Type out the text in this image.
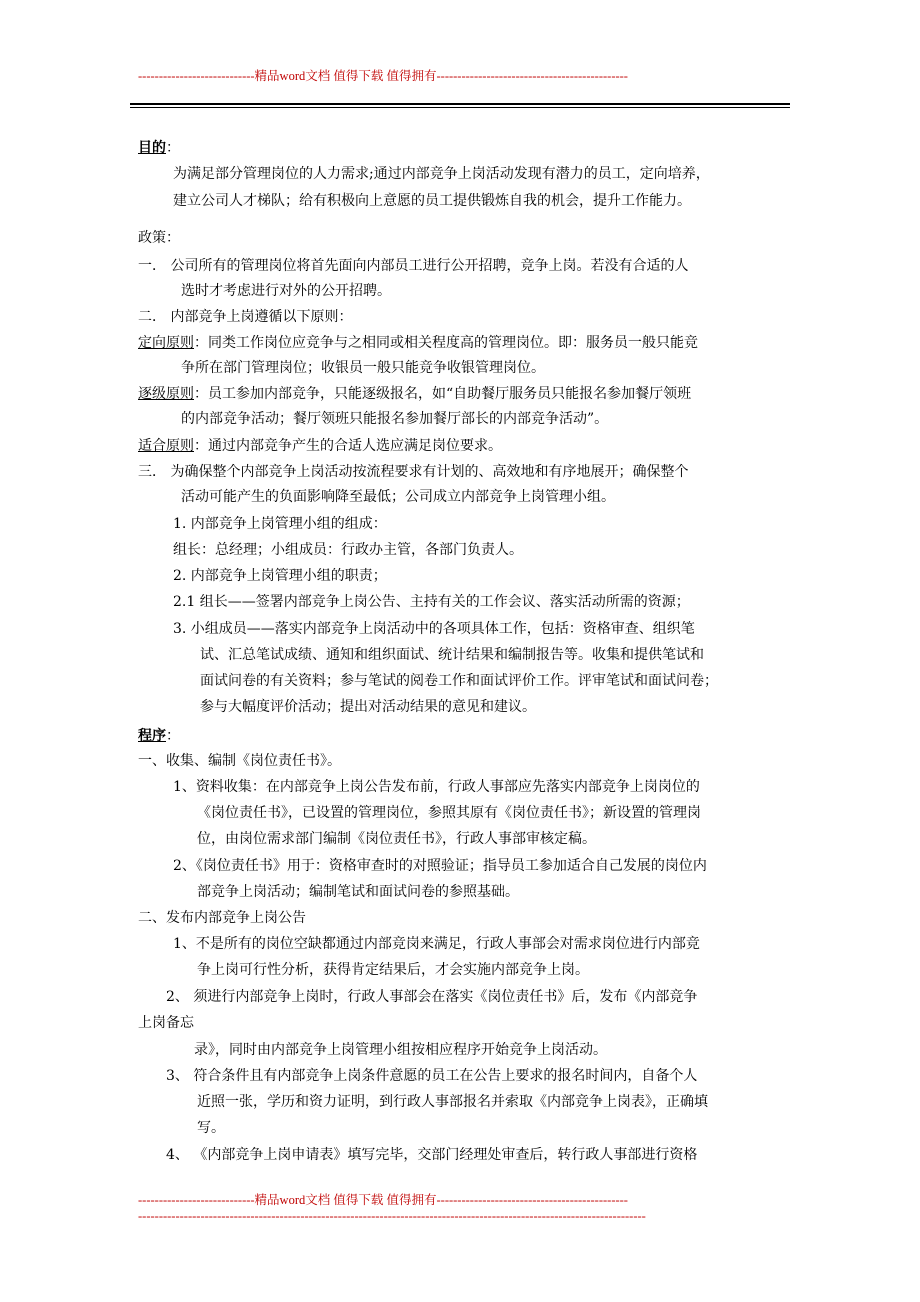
----------------------------精品word文档 值得下载 值得拥有----------------------------------------------
目的：
为满足部分管理岗位的人力需求;通过内部竞争上岗活动发现有潜力的员工，定向培养，
建立公司人才梯队；给有积极向上意愿的员工提供锻炼自我的机会，提升工作能力。
政策：
一． 公司所有的管理岗位将首先面向内部员工进行公开招聘，竞争上岗。若没有合适的人
选时才考虑进行对外的公开招聘。
二． 内部竞争上岗遵循以下原则：
定向原则：同类工作岗位应竞争与之相同或相关程度高的管理岗位。即：服务员一般只能竞
争所在部门管理岗位；收银员一般只能竞争收银管理岗位。
逐级原则：员工参加内部竞争，只能逐级报名，如“自助餐厅服务员只能报名参加餐厅领班
的内部竞争活动；餐厅领班只能报名参加餐厅部长的内部竞争活动”。
适合原则：通过内部竞争产生的合适人选应满足岗位要求。
三． 为确保整个内部竞争上岗活动按流程要求有计划的、高效地和有序地展开；确保整个
活动可能产生的负面影响降至最低；公司成立内部竞争上岗管理小组。
1. 内部竞争上岗管理小组的组成：
组长：总经理；小组成员：行政办主管，各部门负责人。
2. 内部竞争上岗管理小组的职责；
2.1 组长——签署内部竞争上岗公告、主持有关的工作会议、落实活动所需的资源；
3. 小组成员——落实内部竞争上岗活动中的各项具体工作，包括：资格审查、组织笔
试、汇总笔试成绩、通知和组织面试、统计结果和编制报告等。收集和提供笔试和
面试问卷的有关资料；参与笔试的阅卷工作和面试评价工作。评审笔试和面试问卷；
参与大幅度评价活动；提出对活动结果的意见和建议。
程序：
一、收集、编制《岗位责任书》。
1、资料收集：在内部竞争上岗公告发布前，行政人事部应先落实内部竞争上岗岗位的
《岗位责任书》，已设置的管理岗位，参照其原有《岗位责任书》；新设置的管理岗
位，由岗位需求部门编制《岗位责任书》，行政人事部审核定稿。
2、《岗位责任书》用于：资格审查时的对照验证；指导员工参加适合自己发展的岗位内
部竞争上岗活动；编制笔试和面试问卷的参照基础。
二、发布内部竞争上岗公告
1、不是所有的岗位空缺都通过内部竞岗来满足，行政人事部会对需求岗位进行内部竞
争上岗可行性分析，获得肯定结果后，才会实施内部竞争上岗。
2、 须进行内部竞争上岗时，行政人事部会在落实《岗位责任书》后，发布《内部竞争
上岗备忘
录》，同时由内部竞争上岗管理小组按相应程序开始竞争上岗活动。
3、 符合条件且有内部竞争上岗条件意愿的员工在公告上要求的报名时间内，自备个人
近照一张，学历和资力证明，到行政人事部报名并索取《内部竞争上岗表》，正确填
写。
4、 《内部竞争上岗申请表》填写完毕，交部门经理处审查后，转行政人事部进行资格
----------------------------精品word文档 值得下载 值得拥有----------------------------------------------
--------------------------------------------------------------------------------------------------------------------------
